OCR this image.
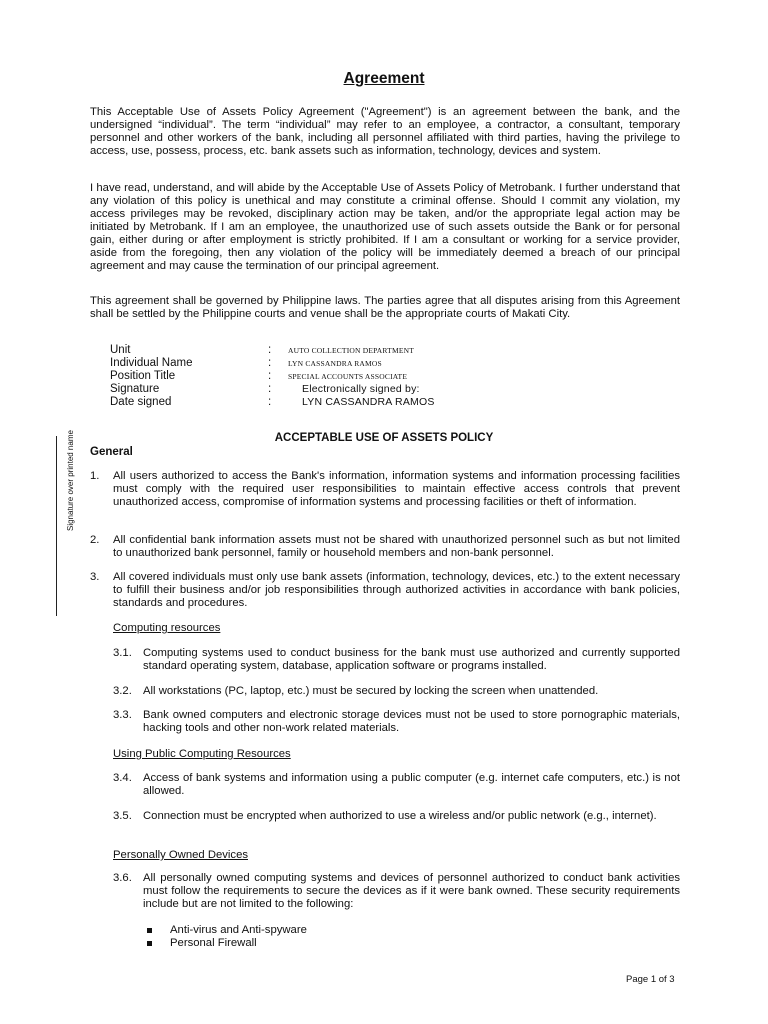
Agreement

This Acceptable Use of Assets Policy Agreement ("Agreement") is an agreement between the bank, and the undersigned “individual”. The term “individual” may refer to an employee, a contractor, a consultant, temporary personnel and other workers of the bank, including all personnel affiliated with third parties, having the privilege to access, use, possess, process, etc. bank assets such as information, technology, devices and system.

I have read, understand, and will abide by the Acceptable Use of Assets Policy of Metrobank. I further understand that any violation of this policy is unethical and may constitute a criminal offense. Should I commit any violation, my access privileges may be revoked, disciplinary action may be taken, and/or the appropriate legal action may be initiated by Metrobank. If I am an employee, the unauthorized use of such assets outside the Bank or for personal gain, either during or after employment is strictly prohibited. If I am a consultant or working for a service provider, aside from the foregoing, then any violation of the policy will be immediately deemed a breach of our principal agreement and may cause the termination of our principal agreement.

This agreement shall be governed by Philippine laws. The parties agree that all disputes arising from this Agreement shall be settled by the Philippine courts and venue shall be the appropriate courts of Makati City.

Unit	: AUTO COLLECTION DEPARTMENT
Individual Name	: LYN CASSANDRA RAMOS
Position Title	: SPECIAL ACCOUNTS ASSOCIATE
Signature	:	Electronically signed by:
Date signed	:	LYN CASSANDRA RAMOS
Signature over printed name	ACCEPTABLE USE OF ASSETS POLICY
General
1. All users authorized to access the Bank's information, information systems and information processing facilities must comply with the required user responsibilities to maintain effective access controls that prevent unauthorized access, compromise of information systems and processing facilities or theft of information.
2. All confidential bank information assets must not be shared with unauthorized personnel such as but not limited to unauthorized bank personnel, family or household members and non-bank personnel.
3. All covered individuals must only use bank assets (information, technology, devices, etc.) to the extent necessary to fulfill their business and/or job responsibilities through authorized activities in accordance with bank policies, standards and procedures.
Computing resources
3.1. Computing systems used to conduct business for the bank must use authorized and currently supported standard operating system, database, application software or programs installed.
3.2. All workstations (PC, laptop, etc.) must be secured by locking the screen when unattended.
3.3. Bank owned computers and electronic storage devices must not be used to store pornographic materials, hacking tools and other non-work related materials.
Using Public Computing Resources
3.4. Access of bank systems and information using a public computer (e.g. internet cafe computers, etc.) is not allowed.
3.5. Connection must be encrypted when authorized to use a wireless and/or public network (e.g., internet).
Personally Owned Devices
3.6. All personally owned computing systems and devices of personnel authorized to conduct bank activities must follow the requirements to secure the devices as if it were bank owned. These security requirements include but are not limited to the following:
Anti-virus and Anti-spyware
Personal Firewall
Page 1 of 3
